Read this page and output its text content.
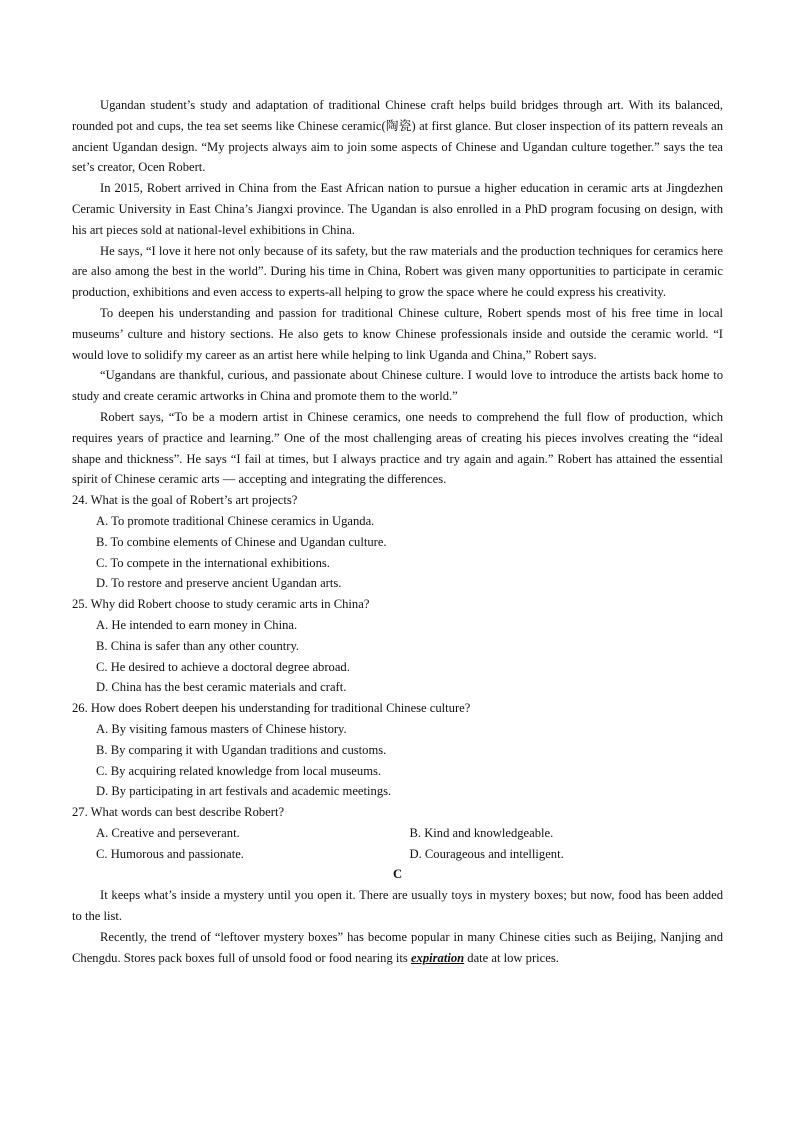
Ugandan student’s study and adaptation of traditional Chinese craft helps build bridges through art. With its balanced, rounded pot and cups, the tea set seems like Chinese ceramic(陶瓷) at first glance. But closer inspection of its pattern reveals an ancient Ugandan design. “My projects always aim to join some aspects of Chinese and Ugandan culture together.” says the tea set’s creator, Ocen Robert.

In 2015, Robert arrived in China from the East African nation to pursue a higher education in ceramic arts at Jingdezhen Ceramic University in East China’s Jiangxi province. The Ugandan is also enrolled in a PhD program focusing on design, with his art pieces sold at national-level exhibitions in China.

He says, “I love it here not only because of its safety, but the raw materials and the production techniques for ceramics here are also among the best in the world”. During his time in China, Robert was given many opportunities to participate in ceramic production, exhibitions and even access to experts-all helping to grow the space where he could express his creativity.

To deepen his understanding and passion for traditional Chinese culture, Robert spends most of his free time in local museums’ culture and history sections. He also gets to know Chinese professionals inside and outside the ceramic world. “I would love to solidify my career as an artist here while helping to link Uganda and China,” Robert says.

“Ugandans are thankful, curious, and passionate about Chinese culture. I would love to introduce the artists back home to study and create ceramic artworks in China and promote them to the world.”

Robert says, “To be a modern artist in Chinese ceramics, one needs to comprehend the full flow of production, which requires years of practice and learning.” One of the most challenging areas of creating his pieces involves creating the “ideal shape and thickness”. He says “I fail at times, but I always practice and try again and again.” Robert has attained the essential spirit of Chinese ceramic arts — accepting and integrating the differences.

24. What is the goal of Robert’s art projects?

A. To promote traditional Chinese ceramics in Uganda.

B. To combine elements of Chinese and Ugandan culture.

C. To compete in the international exhibitions.

D. To restore and preserve ancient Ugandan arts.

25. Why did Robert choose to study ceramic arts in China?

A. He intended to earn money in China.

B. China is safer than any other country.

C. He desired to achieve a doctoral degree abroad.

D. China has the best ceramic materials and craft.

26. How does Robert deepen his understanding for traditional Chinese culture?

A. By visiting famous masters of Chinese history.

B. By comparing it with Ugandan traditions and customs.

C. By acquiring related knowledge from local museums.

D. By participating in art festivals and academic meetings.

27. What words can best describe Robert?

A. Creative and perseverant.	B. Kind and knowledgeable.
C. Humorous and passionate.	D. Courageous and intelligent.

C

It keeps what’s inside a mystery until you open it. There are usually toys in mystery boxes; but now, food has been added to the list.

Recently, the trend of “leftover mystery boxes” has become popular in many Chinese cities such as Beijing, Nanjing and Chengdu. Stores pack boxes full of unsold food or food nearing its expiration date at low prices.
